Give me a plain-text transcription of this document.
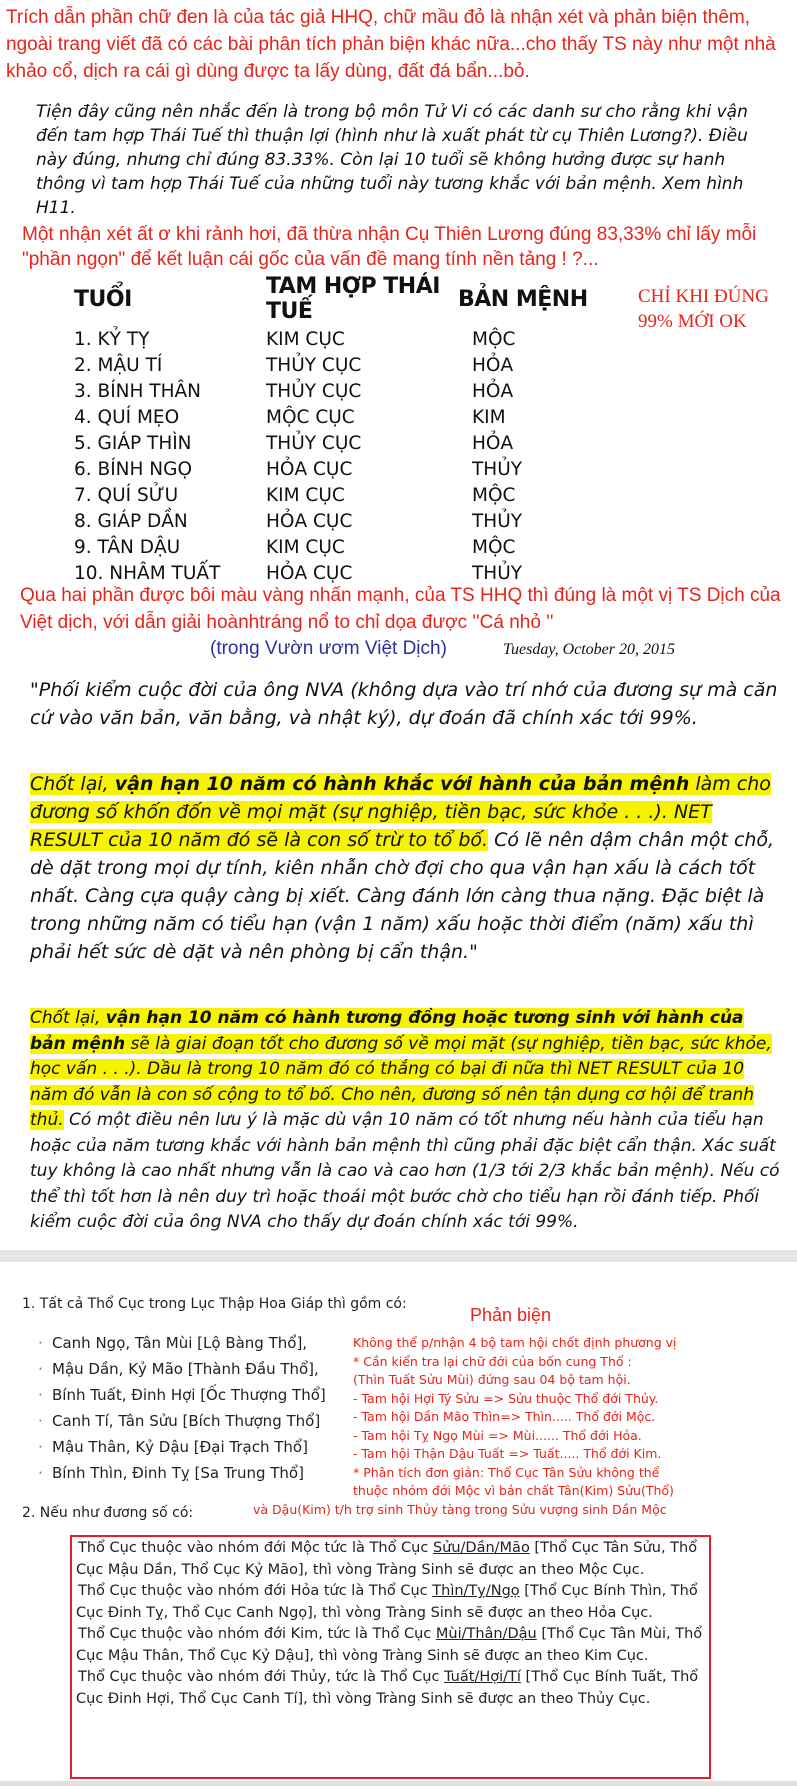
Trích dẫn phần chữ đen là của tác giả HHQ, chữ mầu đỏ là nhận xét và phản biện thêm, ngoài trang viết đã có các bài phân tích phản biện khác nữa...cho thấy TS này như một nhà khảo cổ, dịch ra cái gì dùng được ta lấy dùng, đất đá bẩn...bỏ.
Tiện đây cũng nên nhắc đến là trong bộ môn Tử Vi có các danh sư cho rằng khi vận đến tam hợp Thái Tuế thì thuận lợi (hình như là xuất phát từ cụ Thiên Lương?). Điều này đúng, nhưng chỉ đúng 83.33%. Còn lại 10 tuổi sẽ không hưởng được sự hanh thông vì tam hợp Thái Tuế của những tuổi này tương khắc với bản mệnh. Xem hình H11.
Một nhận xét ất ơ khi rảnh hơi, đã thừa nhận Cụ Thiên Lương đúng 83,33% chỉ lấy mỗi "phần ngọn" để kết luận cái gốc của vấn đề mang tính nền tảng ! ?...
TUỔI	TAM HỢP THÁI TUẾ	BẢN MỆNH
1. KỶ TỴ	KIM CỤC	MỘC
2. MẬU TÍ	THỦY CỤC	HỎA
3. BÍNH THÂN	THỦY CỤC	HỎA
4. QUÍ MẸO	MỘC CỤC	KIM
5. GIÁP THÌN	THỦY CỤC	HỎA
6. BÍNH NGỌ	HỎA CỤC	THỦY
7. QUÍ SỬU	KIM CỤC	MỘC
8. GIÁP DẦN	HỎA CỤC	THỦY
9. TÂN DẬU	KIM CỤC	MỘC
10. NHÂM TUẤT	HỎA CỤC	THỦY
CHỈ KHI ĐÚNG 99% MỚI OK
Qua hai phần được bôi màu vàng nhấn mạnh, của TS HHQ thì đúng là một vị TS Dịch của Việt dịch, với dẫn giải hoànhtráng nổ to chỉ dọa được ''Cá nhỏ ''
(trong Vườn ươm Việt Dịch)	Tuesday, October 20, 2015
"Phối kiểm cuộc đời của ông NVA (không dựa vào trí nhớ của đương sự mà căn cứ vào văn bản, văn bằng, và nhật ký), dự đoán đã chính xác tới 99%.
Chốt lại, vận hạn 10 năm có hành khắc với hành của bản mệnh làm cho đương số khốn đốn về mọi mặt (sự nghiệp, tiền bạc, sức khỏe . . .). NET RESULT của 10 năm đó sẽ là con số trừ to tổ bố. Có lẽ nên dậm chân một chỗ, dè dặt trong mọi dự tính, kiên nhẫn chờ đợi cho qua vận hạn xấu là cách tốt nhất. Càng cựa quậy càng bị xiết. Càng đánh lớn càng thua nặng. Đặc biệt là trong những năm có tiểu hạn (vận 1 năm) xấu hoặc thời điểm (năm) xấu thì phải hết sức dè dặt và nên phòng bị cẩn thận."
Chốt lại, vận hạn 10 năm có hành tương đồng hoặc tương sinh với hành của bản mệnh sẽ là giai đoạn tốt cho đương số về mọi mặt (sự nghiệp, tiền bạc, sức khỏe, học vấn . . .). Dầu là trong 10 năm đó có thắng có bại đi nữa thì NET RESULT của 10 năm đó vẫn là con số cộng to tổ bố. Cho nên, đương số nên tận dụng cơ hội để tranh thủ. Có một điều nên lưu ý là mặc dù vận 10 năm có tốt nhưng nếu hành của tiểu hạn hoặc của năm tương khắc với hành bản mệnh thì cũng phải đặc biệt cẩn thận. Xác suất tuy không là cao nhất nhưng vẫn là cao và cao hơn (1/3 tới 2/3 khắc bản mệnh). Nếu có thể thì tốt hơn là nên duy trì hoặc thoái một bước chờ cho tiểu hạn rồi đánh tiếp. Phối kiểm cuộc đời của ông NVA cho thấy dự đoán chính xác tới 99%.
1. Tất cả Thổ Cục trong Lục Thập Hoa Giáp thì gồm có:
Phản biện
· Canh Ngọ, Tân Mùi [Lộ Bàng Thổ],
· Mậu Dần, Kỷ Mão [Thành Đầu Thổ],
· Bính Tuất, Đinh Hợi [Ốc Thượng Thổ]
· Canh Tí, Tân Sửu [Bích Thượng Thổ]
· Mậu Thân, Kỷ Dậu [Đại Trạch Thổ]
· Bính Thìn, Đinh Tỵ [Sa Trung Thổ]
Không thể p/nhận 4 bộ tam hội chốt định phương vị
* Cần kiển tra lại chữ đới của bốn cung Thổ :
(Thìn Tuất Sửu Mùi) đứng sau 04 bộ tam hội.
- Tam hội Hợi Tý Sửu => Sửu thuộc Thổ đới Thủy.
- Tam hội Dần Mão Thìn=> Thìn..... Thổ đới Mộc.
- Tam hội Tỵ Ngọ Mùi => Mùi...... Thổ đới Hỏa.
- Tam hội Thận Dậu Tuất => Tuất..... Thổ đới Kim.
* Phân tích đơn giản: Thổ Cục Tân Sửu không thể
thuộc nhóm đới Mộc vì bản chất Tân(Kim) Sửu(Thổ)
và Dậu(Kim) t/h trợ sinh Thủy tàng trong Sửu vượng sinh Dần Mộc
2. Nếu như đương số có:

Thổ Cục thuộc vào nhóm đới Mộc tức là Thổ Cục Sửu/Dần/Mão [Thổ Cục Tân Sửu, Thổ Cục Mậu Dần, Thổ Cục Kỷ Mão], thì vòng Tràng Sinh sẽ được an theo Mộc Cục.

Thổ Cục thuộc vào nhóm đới Hỏa tức là Thổ Cục Thìn/Tỵ/Ngọ [Thổ Cục Bính Thìn, Thổ Cục Đinh Tỵ, Thổ Cục Canh Ngọ], thì vòng Tràng Sinh sẽ được an theo Hỏa Cục.

Thổ Cục thuộc vào nhóm đới Kim, tức là Thổ Cục Mùi/Thân/Dậu [Thổ Cục Tân Mùi, Thổ Cục Mậu Thân, Thổ Cục Kỷ Dậu], thì vòng Tràng Sinh sẽ được an theo Kim Cục.

Thổ Cục thuộc vào nhóm đới Thủy, tức là Thổ Cục Tuất/Hợi/Tí [Thổ Cục Bính Tuất, Thổ Cục Đinh Hợi, Thổ Cục Canh Tí], thì vòng Tràng Sinh sẽ được an theo Thủy Cục.
